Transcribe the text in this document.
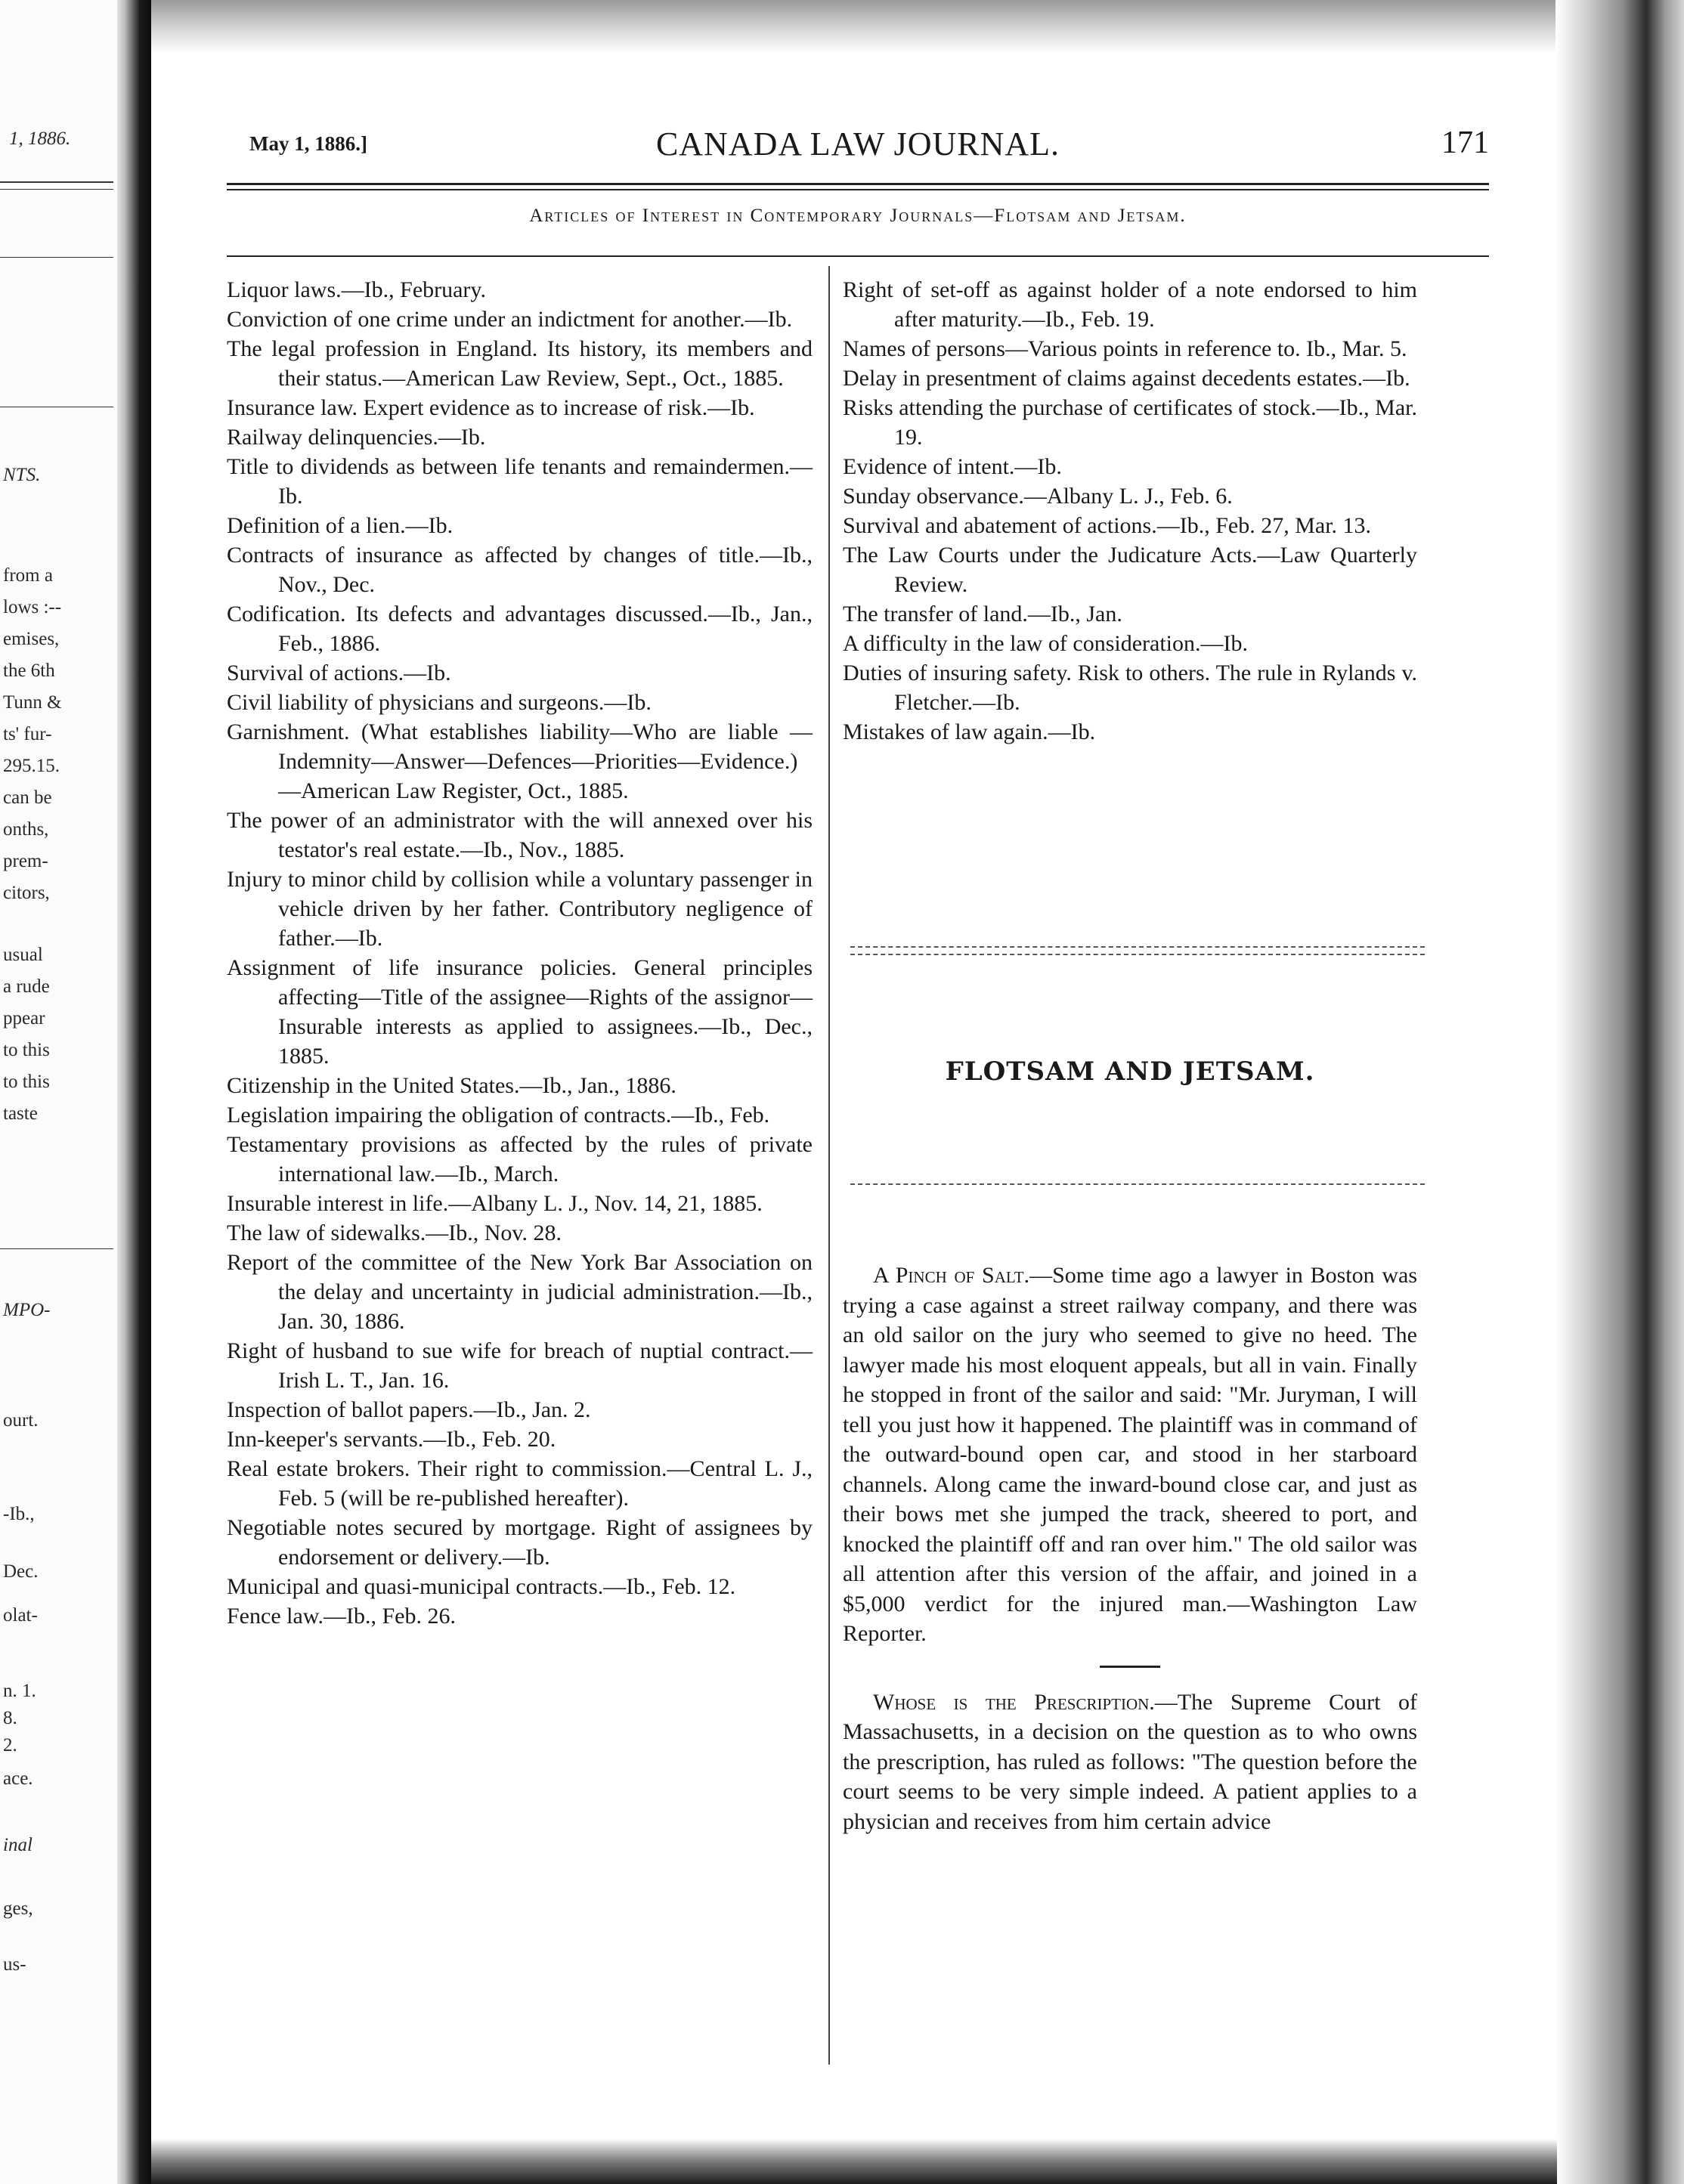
1, 1886.
NTS.
from a
lows :--
emises,
the 6th
Tunn &
ts' fur-
295.15.
can be
onths,
prem-
citors,
usual
a rude
ppear
to this
to this
taste
MPO-
ourt.
-Ib.,
Dec.
olat-
n. 1.
8.
2.
ace.
inal
ges,
us-
May 1, 1886.]	CANADA LAW JOURNAL.	171
Articles of Interest in Contemporary Journals—Flotsam and Jetsam.

Liquor laws.—Ib., February.

Conviction of one crime under an indictment for another.—Ib.

The legal profession in England. Its history, its members and their status.—American Law Review, Sept., Oct., 1885.

Insurance law. Expert evidence as to increase of risk.—Ib.

Railway delinquencies.—Ib.

Title to dividends as between life tenants and remaindermen.—Ib.

Definition of a lien.—Ib.

Contracts of insurance as affected by changes of title.—Ib., Nov., Dec.

Codification. Its defects and advantages discussed.—Ib., Jan., Feb., 1886.

Survival of actions.—Ib.

Civil liability of physicians and surgeons.—Ib.

Garnishment. (What establishes liability—Who are liable — Indemnity—Answer—Defences—Priorities—Evidence.)—American Law Register, Oct., 1885.

The power of an administrator with the will annexed over his testator's real estate.—Ib., Nov., 1885.

Injury to minor child by collision while a voluntary passenger in vehicle driven by her father. Contributory negligence of father.—Ib.

Assignment of life insurance policies. General principles affecting—Title of the assignee—Rights of the assignor—Insurable interests as applied to assignees.—Ib., Dec., 1885.

Citizenship in the United States.—Ib., Jan., 1886.

Legislation impairing the obligation of contracts.—Ib., Feb.

Testamentary provisions as affected by the rules of private international law.—Ib., March.

Insurable interest in life.—Albany L. J., Nov. 14, 21, 1885.

The law of sidewalks.—Ib., Nov. 28.

Report of the committee of the New York Bar Association on the delay and uncertainty in judicial administration.—Ib., Jan. 30, 1886.

Right of husband to sue wife for breach of nuptial contract.—Irish L. T., Jan. 16.

Inspection of ballot papers.—Ib., Jan. 2.

Inn-keeper's servants.—Ib., Feb. 20.

Real estate brokers. Their right to commission.—Central L. J., Feb. 5 (will be re-published hereafter).

Negotiable notes secured by mortgage. Right of assignees by endorsement or delivery.—Ib.

Municipal and quasi-municipal contracts.—Ib., Feb. 12.

Fence law.—Ib., Feb. 26.

Right of set-off as against holder of a note endorsed to him after maturity.—Ib., Feb. 19.

Names of persons—Various points in reference to. Ib., Mar. 5.

Delay in presentment of claims against decedents estates.—Ib.

Risks attending the purchase of certificates of stock.—Ib., Mar. 19.

Evidence of intent.—Ib.

Sunday observance.—Albany L. J., Feb. 6.

Survival and abatement of actions.—Ib., Feb. 27, Mar. 13.

The Law Courts under the Judicature Acts.—Law Quarterly Review.

The transfer of land.—Ib., Jan.

A difficulty in the law of consideration.—Ib.

Duties of insuring safety. Risk to others. The rule in Rylands v. Fletcher.—Ib.

Mistakes of law again.—Ib.

FLOTSAM AND JETSAM.

A Pinch of Salt.—Some time ago a lawyer in Boston was trying a case against a street railway company, and there was an old sailor on the jury who seemed to give no heed. The lawyer made his most eloquent appeals, but all in vain. Finally he stopped in front of the sailor and said: "Mr. Juryman, I will tell you just how it happened. The plaintiff was in command of the outward-bound open car, and stood in her starboard channels. Along came the inward-bound close car, and just as their bows met she jumped the track, sheered to port, and knocked the plaintiff off and ran over him." The old sailor was all attention after this version of the affair, and joined in a $5,000 verdict for the injured man.—Washington Law Reporter.

Whose is the Prescription.—The Supreme Court of Massachusetts, in a decision on the question as to who owns the prescription, has ruled as follows: "The question before the court seems to be very simple indeed. A patient applies to a physician and receives from him certain advice
